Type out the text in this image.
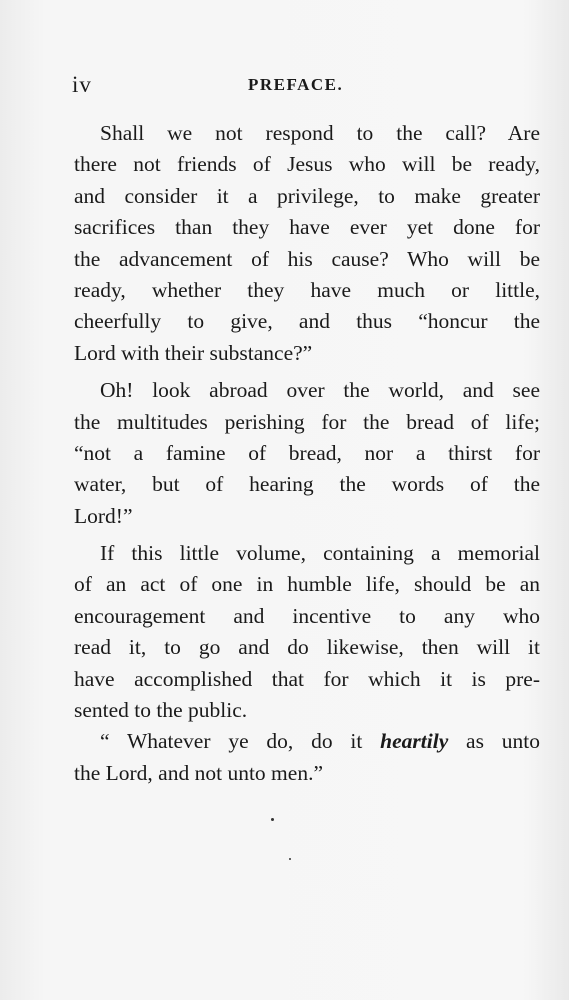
iv	PREFACE.
Shall we not respond to the call? Are
there not friends of Jesus who will be ready,
and consider it a privilege, to make greater
sacrifices than they have ever yet done for
the advancement of his cause? Who will be
ready, whether they have much or little,
cheerfully to give, and thus “honcur the
Lord with their substance?”
Oh! look abroad over the world, and see
the multitudes perishing for the bread of life;
“not a famine of bread, nor a thirst for
water, but of hearing the words of the
Lord!”
If this little volume, containing a memorial
of an act of one in humble life, should be an
encouragement and incentive to any who
read it, to go and do likewise, then will it
have accomplished that for which it is pre-
sented to the public.
“ Whatever ye do, do it heartily as unto
the Lord, and not unto men.”
